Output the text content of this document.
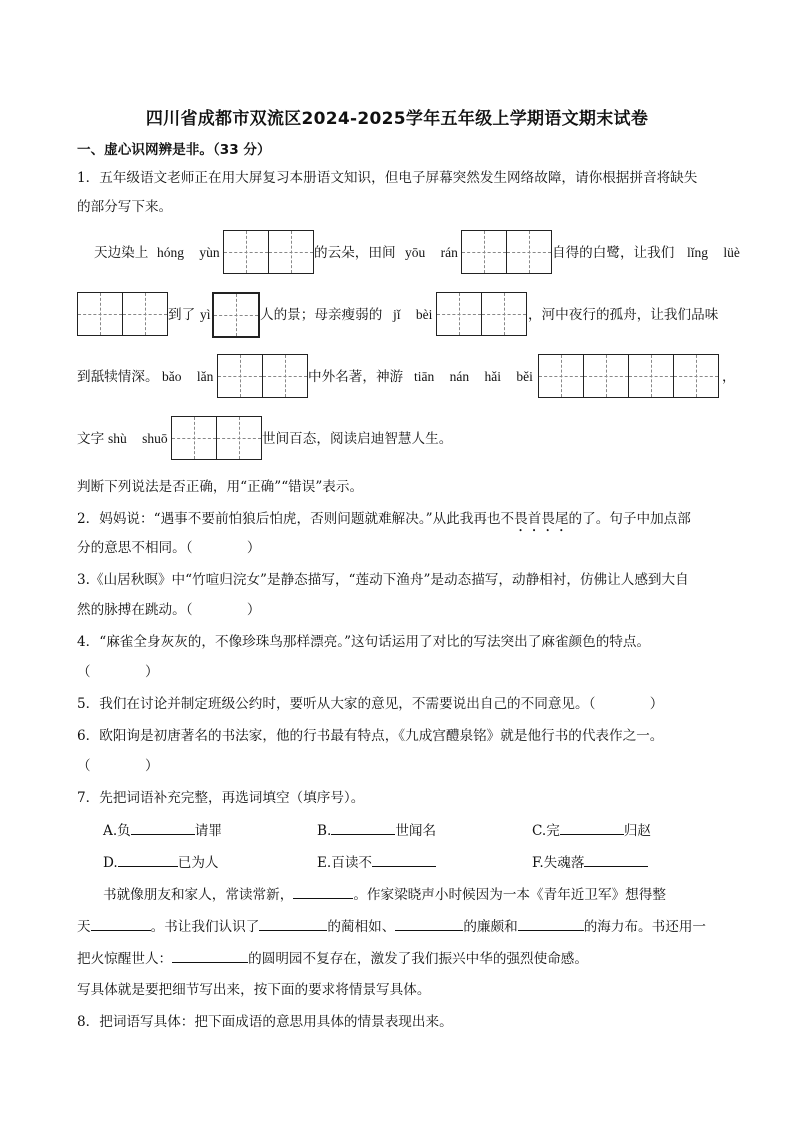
四川省成都市双流区2024-2025学年五年级上学期语文期末试卷
一、虚心识网辨是非。（33 分）
1．五年级语文老师正在用大屏复习本册语文知识，但电子屏幕突然发生网络故障，请你根据拼音将缺失
的部分写下来。
天边染上 hóng yùn	的云朵，田间 yōu rán	自得的白鹭，让我们 lǐng lüè
到了 yì	人的景；母亲瘦弱的 jǐ bèi	，河中夜行的孤舟，让我们品味
到舐犊情深。 bǎo lǎn	中外名著，神游 tiān nán hǎi běi	，
文字 shù shuō	世间百态，阅读启迪智慧人生。
判断下列说法是否正确，用“正确”“错误”表示。
2．妈妈说：“遇事不要前怕狼后怕虎，否则问题就难解决。”从此我再也不畏首畏尾的了。句子中加点部
分的意思不相同。（　　　　）
3.《山居秋暝》中“竹喧归浣女”是静态描写，“莲动下渔舟”是动态描写，动静相衬，仿佛让人感到大自
然的脉搏在跳动。（　　　　）
4．“麻雀全身灰灰的，不像珍珠鸟那样漂亮。”这句话运用了对比的写法突出了麻雀颜色的特点。
（　　　　）
5．我们在讨论并制定班级公约时，要听从大家的意见，不需要说出自己的不同意见。（　　　　）
6．欧阳询是初唐著名的书法家，他的行书最有特点，《九成宫醴泉铭》就是他行书的代表作之一。
（　　　　）
7．先把词语补充完整，再选词填空（填序号）。
A.负	请罪	B.	世闻名	C.完	归赵
D.	已为人	E.百读不	F.失魂落
书就像朋友和家人，常读常新，	。作家梁晓声小时候因为一本《青年近卫军》想得整
天	。书让我们认识了	的蔺相如、	的廉颇和	的海力布。书还用一
把火惊醒世人：	的圆明园不复存在，激发了我们振兴中华的强烈使命感。
写具体就是要把细节写出来，按下面的要求将情景写具体。
8．把词语写具体：把下面成语的意思用具体的情景表现出来。
